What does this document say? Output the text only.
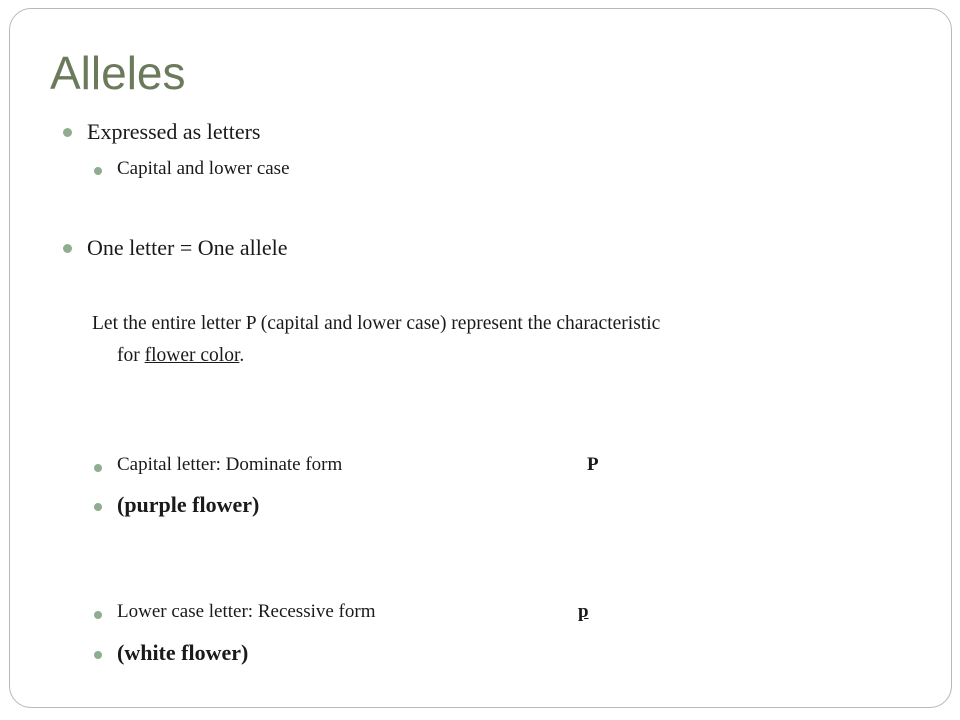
Alleles
Expressed as letters
Capital and lower case
One letter = One allele
Let the entire letter P (capital and lower case) represent the characteristic
for flower color.
Capital letter: Dominate form	P
(purple flower)
Lower case letter: Recessive form	p
(white flower)
